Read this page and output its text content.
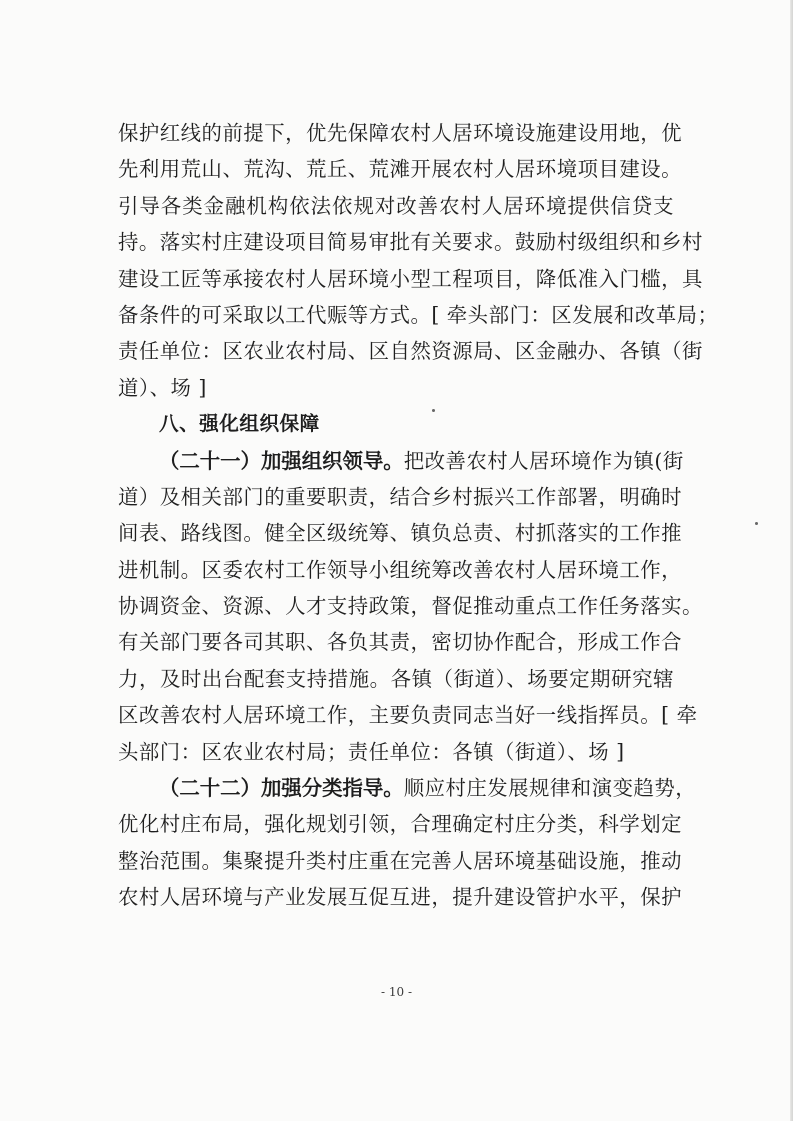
保护红线的前提下，优先保障农村人居环境设施建设用地，优
先利用荒山、荒沟、荒丘、荒滩开展农村人居环境项目建设。
引导各类金融机构依法依规对改善农村人居环境提供信贷支
持。落实村庄建设项目简易审批有关要求。鼓励村级组织和乡村
建设工匠等承接农村人居环境小型工程项目，降低准入门槛，具
备条件的可采取以工代赈等方式。[ 牵头部门：区发展和改革局；
责任单位：区农业农村局、区自然资源局、区金融办、各镇（街
道）、场 ]
八、强化组织保障
（二十一）加强组织领导。把改善农村人居环境作为镇(街
道）及相关部门的重要职责，结合乡村振兴工作部署，明确时
间表、路线图。健全区级统筹、镇负总责、村抓落实的工作推
进机制。区委农村工作领导小组统筹改善农村人居环境工作，
协调资金、资源、人才支持政策，督促推动重点工作任务落实。
有关部门要各司其职、各负其责，密切协作配合，形成工作合
力，及时出台配套支持措施。各镇（街道）、场要定期研究辖
区改善农村人居环境工作，主要负责同志当好一线指挥员。[ 牵
头部门：区农业农村局；责任单位：各镇（街道）、场 ]
（二十二）加强分类指导。顺应村庄发展规律和演变趋势，
优化村庄布局，强化规划引领，合理确定村庄分类，科学划定
整治范围。集聚提升类村庄重在完善人居环境基础设施，推动
农村人居环境与产业发展互促互进，提升建设管护水平，保护
- 10 -
